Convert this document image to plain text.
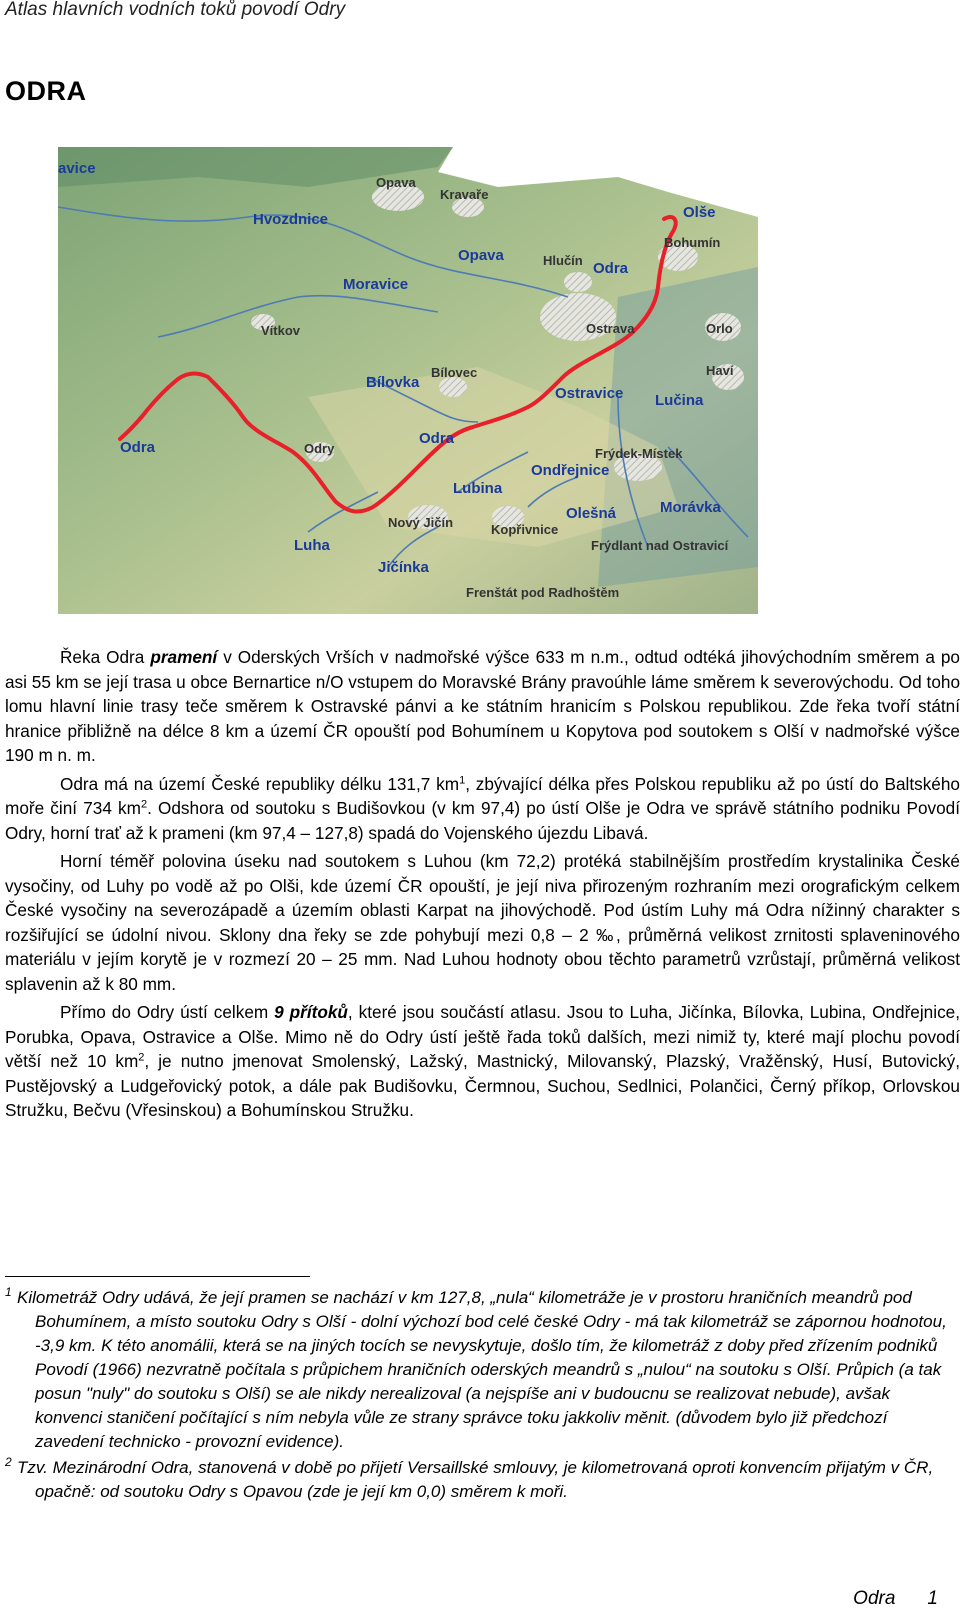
Atlas hlavních vodních toků povodí Odry
ODRA
avice
Opava
Kravaře
Olše
Bohumín
Hvozdnice
Opava	Hlučín Odra
Moravice
Ostrava	Orlo
Vítkov
Haví
Bílovka
Bílovec
Ostravice Lučina
Odra	Odry
Odra
Frýdek-Místek
Ondřejnice
Lubina
Morávka
Nový Jičín
Olešná
Kopřivnice
Luha	Frýdlant nad Ostravicí
Jičínka
Frenštát pod Radhoštěm

Řeka Odra pramení v Oderských Vrších v nadmořské výšce 633 m n.m., odtud odtéká jihovýchodním směrem a po asi 55 km se její trasa u obce Bernartice n/O vstupem do Moravské Brány pravoúhle láme směrem k severovýchodu. Od toho lomu hlavní linie trasy teče směrem k Ostravské pánvi a ke státním hranicím s Polskou republikou. Zde řeka tvoří státní hranice přibližně na délce 8 km a území ČR opouští pod Bohumínem u Kopytova pod soutokem s Olší v nadmořské výšce 190 m n. m.

Odra má na území České republiky délku 131,7 $km^1$, zbývající délka přes Polskou republiku až po ústí do Baltského moře činí 734 $km^2$. Odshora od soutoku s Budišovkou (v km 97,4) po ústí Olše je Odra ve správě státního podniku Povodí Odry, horní trať až k prameni (km 97,4 – 127,8) spadá do Vojenského újezdu Libavá.

Horní téměř polovina úseku nad soutokem s Luhou (km 72,2) protéká stabilnějším prostředím krystalinika České vysočiny, od Luhy po vodě až po Olši, kde území ČR opouští, je její niva přirozeným rozhraním mezi orografickým celkem České vysočiny na severozápadě a územím oblasti Karpat na jihovýchodě. Pod ústím Luhy má Odra nížinný charakter s rozšiřující se údolní nivou. Sklony dna řeky se zde pohybují mezi 0,8 – 2 ‰, průměrná velikost zrnitosti splaveninového materiálu v jejím korytě je v rozmezí 20 – 25 mm. Nad Luhou hodnoty obou těchto parametrů vzrůstají, průměrná velikost splavenin až k 80 mm.

Přímo do Odry ústí celkem 9 přítoků, které jsou součástí atlasu. Jsou to Luha, Jičínka, Bílovka, Lubina, Ondřejnice, Porubka, Opava, Ostravice a Olše. Mimo ně do Odry ústí ještě řada toků dalších, mezi nimiž ty, které mají plochu povodí větší než 10 $km^2$, je nutno jmenovat Smolenský, Lažský, Mastnický, Milovanský, Plazský, Vražěnský, Husí, Butovický, Pustějovský a Ludgeřovický potok, a dále pak Budišovku, Čermnou, Suchou, Sedlnici, Polančici, Černý příkop, Orlovskou Stružku, Bečvu (Vřesinskou) a Bohumínskou Stružku.

1 Kilometráž Odry udává, že její pramen se nachází v km 127,8, „nula“ kilometráže je v prostoru hraničních meandrů pod Bohumínem, a místo soutoku Odry s Olší - dolní výchozí bod celé české Odry - má tak kilometráž se zápornou hodnotou, -3,9 km. K této anomálii, která se na jiných tocích se nevyskytuje, došlo tím, že kilometráž z doby před zřízením podniků Povodí (1966) nezvratně počítala s průpichem hraničních oderských meandrů s „nulou“ na soutoku s Olší. Průpich (a tak posun "nuly" do soutoku s Olší) se ale nikdy nerealizoval (a nejspíše ani v budoucnu se realizovat nebude), avšak konvenci staničení počítající s ním nebyla vůle ze strany správce toku jakkoliv měnit. (důvodem bylo již předchozí zavedení technicko - provozní evidence).
2 Tzv. Mezinárodní Odra, stanovená v době po přijetí Versaillské smlouvy, je kilometrovaná oproti konvencím přijatým v ČR, opačně: od soutoku Odry s Opavou (zde je její km 0,0) směrem k moři.
Odra 1
